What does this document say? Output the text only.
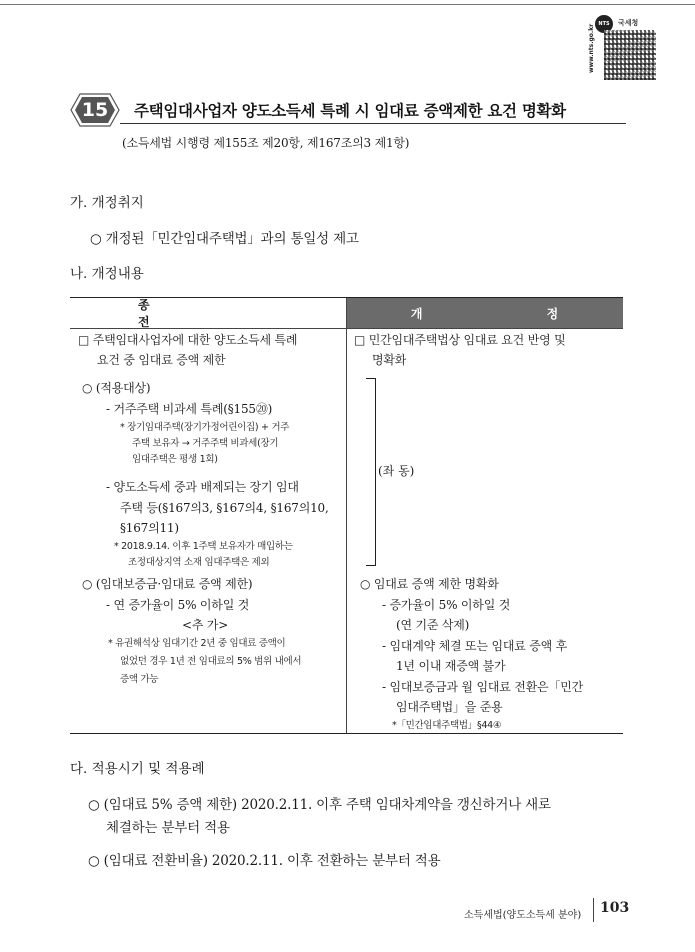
www.nts.go.kr NTS	국세청
15	주택임대사업자 양도소득세 특례 시 임대료 증액제한 요건 명확화
(소득세법 시행령 제155조 제20항, 제167조의3 제1항)
가. 개정취지
○ 개정된「민간임대주택법」과의 통일성 제고
나. 개정내용
종 전
개 정
□ 주택임대사업자에 대한 양도소득세 특례
요건 중 임대료 증액 제한
○ (적용대상)
- 거주주택 비과세 특례(§155⑳)
* 장기임대주택(장기가정어린이집) + 거주
주택 보유자 → 거주주택 비과세(장기
임대주택은 평생 1회)
- 양도소득세 중과 배제되는 장기 임대
주택 등(§167의3, §167의4, §167의10,
§167의11)
* 2018.9.14. 이후 1주택 보유자가 매입하는
조정대상지역 소재 임대주택은 제외
○ (임대보증금·임대료 증액 제한)
- 연 증가율이 5% 이하일 것
<추 가>
* 유권해석상 임대기간 2년 중 임대료 증액이
없었던 경우 1년 전 임대료의 5% 범위 내에서
증액 가능
□ 민간임대주택법상 임대료 요건 반영 및
명확화
(좌 동)
○ 임대료 증액 제한 명확화
- 증가율이 5% 이하일 것
(연 기준 삭제)
- 임대계약 체결 또는 임대료 증액 후
1년 이내 재증액 불가
- 임대보증금과 월 임대료 전환은「민간
임대주택법」을 준용
*「민간임대주택법」§44④
다. 적용시기 및 적용례
○ (임대료 5% 증액 제한) 2020.2.11. 이후 주택 임대차계약을 갱신하거나 새로
체결하는 분부터 적용
○ (임대료 전환비율) 2020.2.11. 이후 전환하는 분부터 적용
소득세법(양도소득세 분야) 103
